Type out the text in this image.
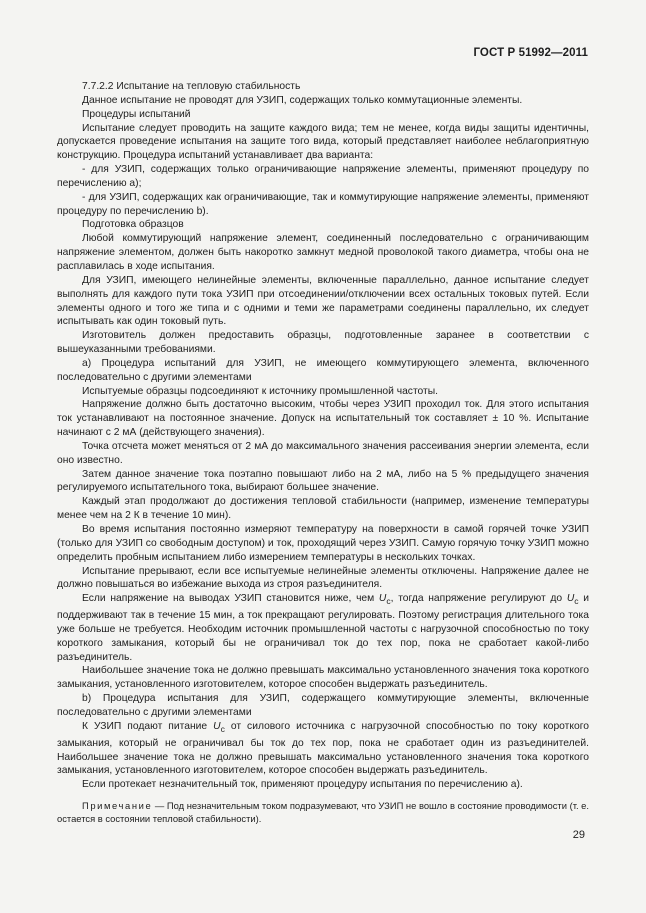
ГОСТ Р 51992—2011

7.7.2.2 Испытание на тепловую стабильность

Данное испытание не проводят для УЗИП, содержащих только коммутационные элементы.

Процедуры испытаний

Испытание следует проводить на защите каждого вида; тем не менее, когда виды защиты идентичны, допускается проведение испытания на защите того вида, который представляет наиболее неблагоприятную конструкцию. Процедура испытаний устанавливает два варианта:

- для УЗИП, содержащих только ограничивающие напряжение элементы, применяют процедуру по перечислению а);

- для УЗИП, содержащих как ограничивающие, так и коммутирующие напряжение элементы, применяют процедуру по перечислению b).

Подготовка образцов

Любой коммутирующий напряжение элемент, соединенный последовательно с ограничивающим напряжение элементом, должен быть накоротко замкнут медной проволокой такого диаметра, чтобы она не расплавилась в ходе испытания.

Для УЗИП, имеющего нелинейные элементы, включенные параллельно, данное испытание следует выполнять для каждого пути тока УЗИП при отсоединении/отключении всех остальных токовых путей. Если элементы одного и того же типа и с одними и теми же параметрами соединены параллельно, их следует испытывать как один токовый путь.

Изготовитель должен предоставить образцы, подготовленные заранее в соответствии с вышеуказанными требованиями.

а) Процедура испытаний для УЗИП, не имеющего коммутирующего элемента, включенного последовательно с другими элементами

Испытуемые образцы подсоединяют к источнику промышленной частоты.

Напряжение должно быть достаточно высоким, чтобы через УЗИП проходил ток. Для этого испытания ток устанавливают на постоянное значение. Допуск на испытательный ток составляет ± 10 %. Испытание начинают с 2 мА (действующего значения).

Точка отсчета может меняться от 2 мА до максимального значения рассеивания энергии элемента, если оно известно.

Затем данное значение тока поэтапно повышают либо на 2 мА, либо на 5 % предыдущего значения регулируемого испытательного тока, выбирают большее значение.

Каждый этап продолжают до достижения тепловой стабильности (например, изменение температуры менее чем на 2 К в течение 10 мин).

Во время испытания постоянно измеряют температуру на поверхности в самой горячей точке УЗИП (только для УЗИП со свободным доступом) и ток, проходящий через УЗИП. Самую горячую точку УЗИП можно определить пробным испытанием либо измерением температуры в нескольких точках.

Испытание прерывают, если все испытуемые нелинейные элементы отключены. Напряжение далее не должно повышаться во избежание выхода из строя разъединителя.

Если напряжение на выводах УЗИП становится ниже, чем $U_c$, тогда напряжение регулируют до $U_c$ и поддерживают так в течение 15 мин, а ток прекращают регулировать. Поэтому регистрация длительного тока уже больше не требуется. Необходим источник промышленной частоты с нагрузочной способностью по току короткого замыкания, который бы не ограничивал ток до тех пор, пока не сработает какой-либо разъединитель.

Наибольшее значение тока не должно превышать максимально установленного значения тока короткого замыкания, установленного изготовителем, которое способен выдержать разъединитель.

b) Процедура испытания для УЗИП, содержащего коммутирующие элементы, включенные последовательно с другими элементами

К УЗИП подают питание $U_c$ от силового источника с нагрузочной способностью по току короткого замыкания, который не ограничивал бы ток до тех пор, пока не сработает один из разъединителей. Наибольшее значение тока не должно превышать максимально установленного значения тока короткого замыкания, установленного изготовителем, которое способен выдержать разъединитель.

Если протекает незначительный ток, применяют процедуру испытания по перечислению а).

Примечание — Под незначительным током подразумевают, что УЗИП не вошло в состояние проводимости (т. е. остается в состоянии тепловой стабильности).

29
